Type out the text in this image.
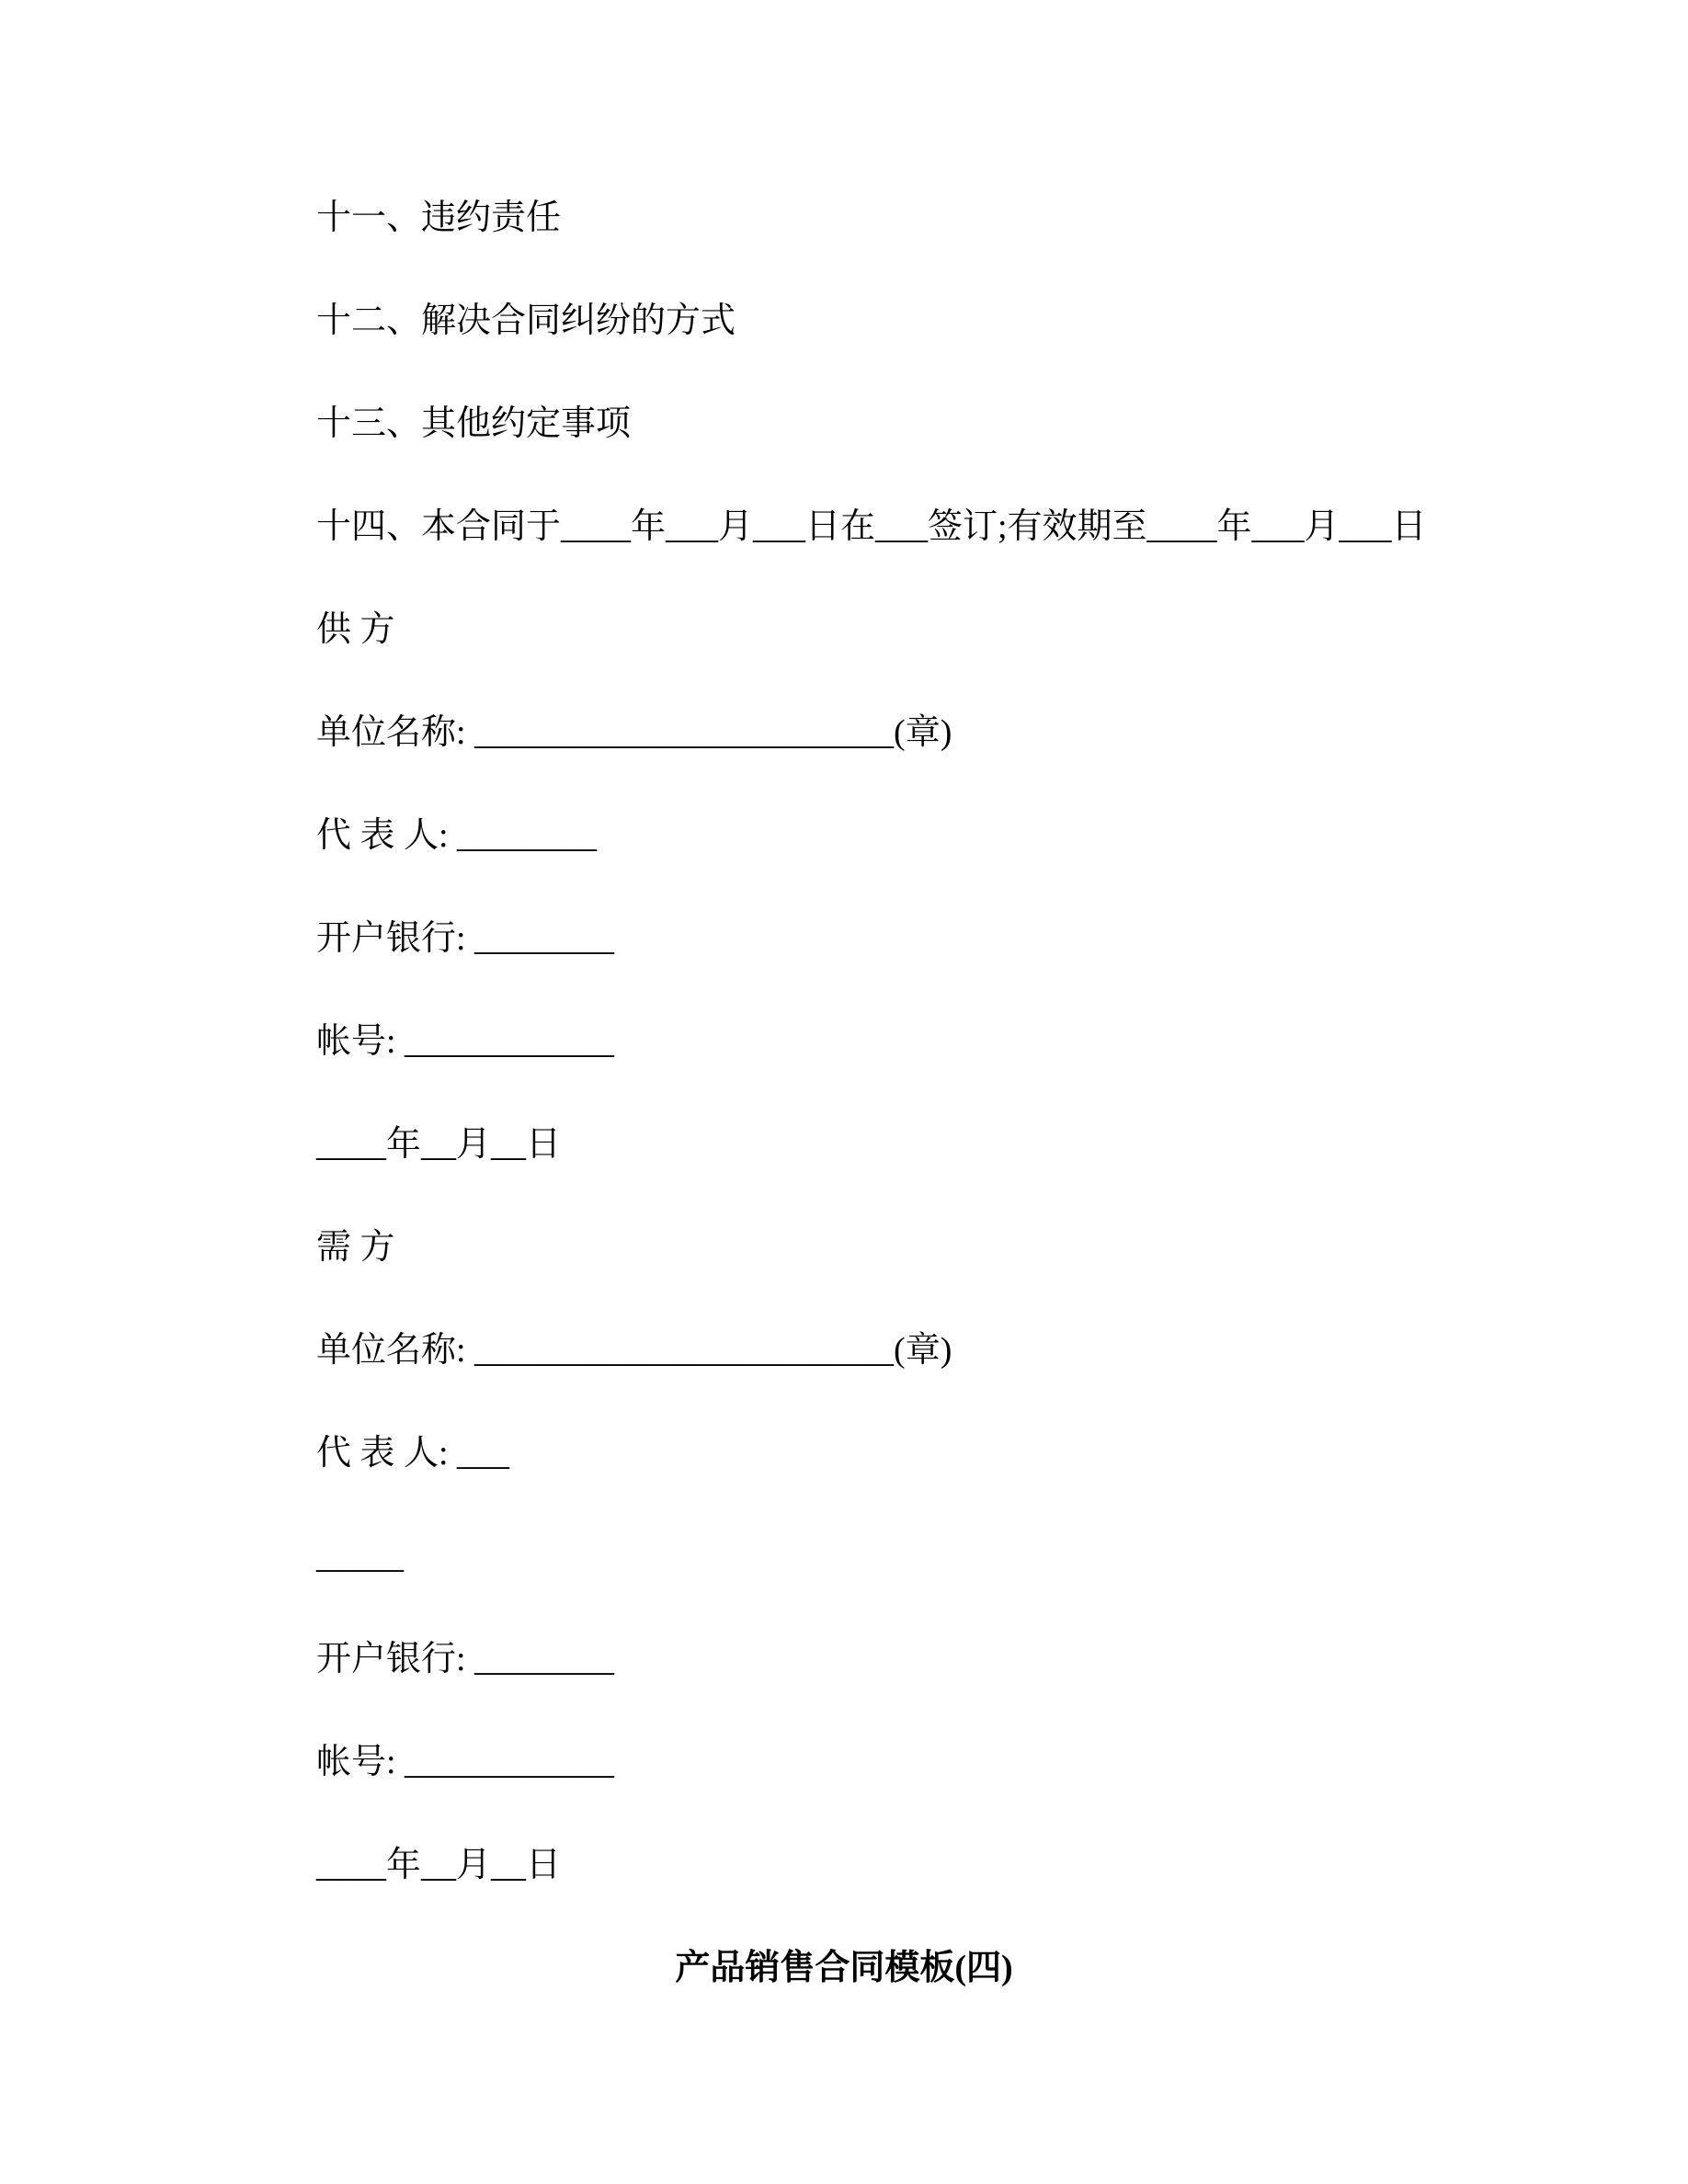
十一、违约责任

十二、解决合同纠纷的方式

十三、其他约定事项

十四、本合同于____年___月___日在___签订;有效期至____年___月___日

供 方

单位名称: ________________________(章)

代 表 人: ________

开户银行: ________

帐号: ____________

____年__月__日

需 方

单位名称: ________________________(章)

代 表 人: ___

_____

开户银行: ________

帐号: ____________

____年__月__日

产品销售合同模板(四)
